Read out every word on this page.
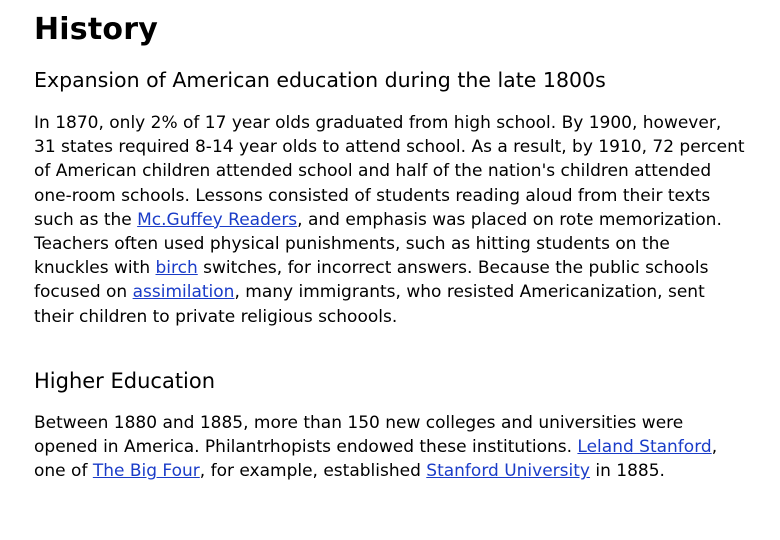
History
Expansion of American education during the late 1800s

In 1870, only 2% of 17 year olds graduated from high school. By 1900, however, 31 states required 8-14 year olds to attend school. As a result, by 1910, 72 percent of American children attended school and half of the nation's children attended one-room schools. Lessons consisted of students reading aloud from their texts such as the Mc.Guffey Readers, and emphasis was placed on rote memorization. Teachers often used physical punishments, such as hitting students on the knuckles with birch switches, for incorrect answers. Because the public schools focused on assimilation, many immigrants, who resisted Americanization, sent their children to private religious schoools.

Higher Education

Between 1880 and 1885, more than 150 new colleges and universities were opened in America. Philantrhopists endowed these institutions. Leland Stanford, one of The Big Four, for example, established Stanford University in 1885.
